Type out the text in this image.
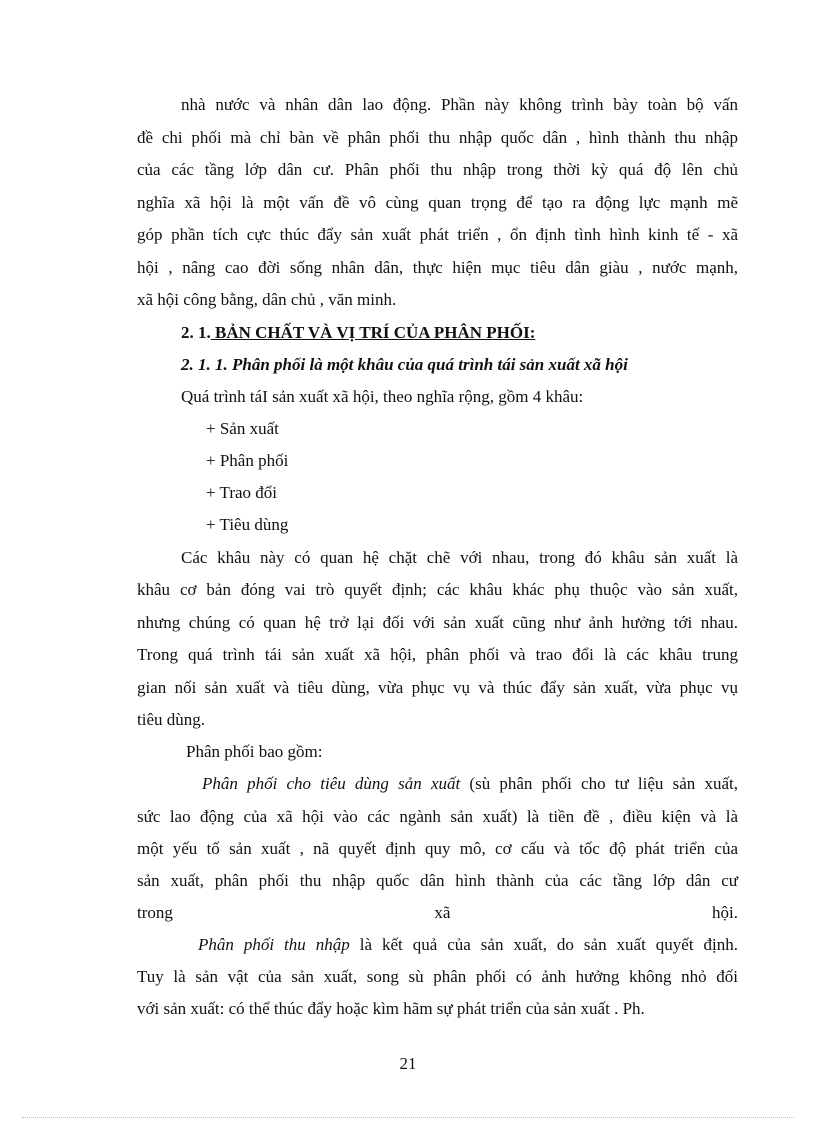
nhà nước và nhân dân lao động. Phần này không trình bày toàn bộ vấn
đề chi phối mà chỉ bàn về phân phối thu nhập quốc dân , hình thành thu nhập
của các tầng lớp dân cư. Phân phối thu nhập trong thời kỳ quá độ lên chủ
nghĩa xã hội là một vấn đề vô cùng quan trọng để tạo ra động lực mạnh mẽ
góp phần tích cực thúc đẩy sản xuất phát triển , ổn định tình hình kinh tế - xã
hội , nâng cao đời sống nhân dân, thực hiện mục tiêu dân giàu , nước mạnh,
xã hội công bằng, dân chủ , văn minh.
2. 1. BẢN CHẤT VÀ VỊ TRÍ CỦA PHÂN PHỐI:
2. 1. 1. Phân phối là một khâu của quá trình tái sản xuất xã hội
Quá trình táI sản xuất xã hội, theo nghĩa rộng, gồm 4 khâu:
+ Sản xuất
+ Phân phối
+ Trao đổi
+ Tiêu dùng
Các khâu này có quan hệ chặt chẽ với nhau, trong đó khâu sản xuất là
khâu cơ bản đóng vai trò quyết định; các khâu khác phụ thuộc vào sản xuất,
nhưng chúng có quan hệ trở lại đối với sản xuất cũng như ảnh hưởng tới nhau.
Trong quá trình tái sản xuất xã hội, phân phối và trao đổi là các khâu trung
gian nối sản xuất và tiêu dùng, vừa phục vụ và thúc đẩy sản xuất, vừa phục vụ
tiêu dùng.
Phân phối bao gồm:
Phân phối cho tiêu dùng sản xuất (sù phân phối cho tư liệu sản xuất,
sức lao động của xã hội vào các ngành sản xuất) là tiền đề , điều kiện và là
một yếu tố sản xuất , nã quyết định quy mô, cơ cấu và tốc độ phát triển của
sản xuất, phân phối thu nhập quốc dân hình thành của các tầng lớp dân cư
trong xã hội.
Phân phối thu nhập là kết quả của sản xuất, do sản xuất quyết định.
Tuy là sản vật của sản xuất, song sù phân phối có ảnh hưởng không nhỏ đối
với sản xuất: có thể thúc đẩy hoặc kìm hãm sự phát triển của sản xuất . Ph.
21
